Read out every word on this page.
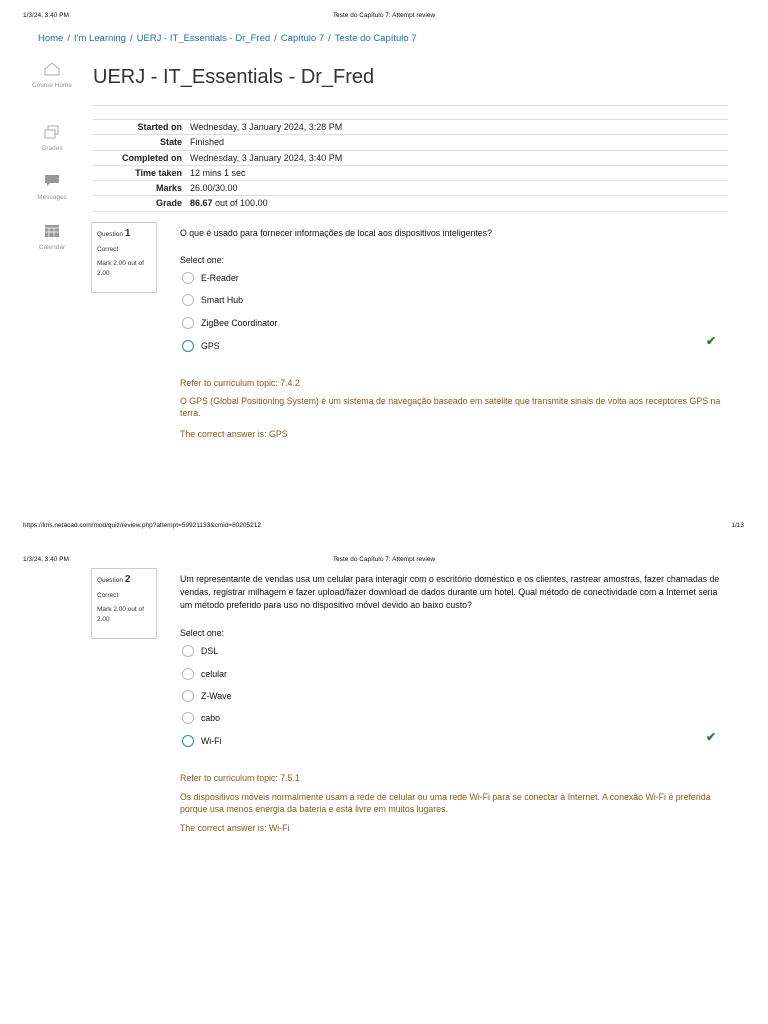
1/3/24, 3:40 PM	Teste do Capítulo 7: Attempt review
Home / I'm Learning / UERJ - IT_Essentials - Dr_Fred / Capítulo 7 / Teste do Capítulo 7
Course Home
Grades
Messages
Calendar
UERJ - IT_Essentials - Dr_Fred
Started on	Wednesday, 3 January 2024, 3:28 PM
State	Finished
Completed on	Wednesday, 3 January 2024, 3:40 PM
Time taken	12 mins 1 sec
Marks	26.00/30.00
Grade	86.67 out of 100.00
Question 1
Correct
Mark 2.00 out of 2.00
O que é usado para fornecer informações de local aos dispositivos inteligentes?
Select one:
E-Reader
Smart Hub
ZigBee Coordinator
GPS	✔
Refer to curriculum topic: 7.4.2
O GPS (Global Positioning System) é um sistema de navegação baseado em satélite que transmite sinais de volta aos receptores GPS na terra.
The correct answer is: GPS
https://lms.netacad.com/mod/quiz/review.php?attempt=59921133&cmid=80205212	1/13
1/3/24, 3:40 PM	Teste do Capítulo 7: Attempt review
Question 2
Correct
Mark 2.00 out of 2.00
Um representante de vendas usa um celular para interagir com o escritório doméstico e os clientes, rastrear amostras, fazer chamadas de vendas, registrar milhagem e fazer upload/fazer download de dados durante um hotel. Qual método de conectividade com a Internet seria um método preferido para uso no dispositivo móvel devido ao baixo custo?
Select one:
DSL
celular
Z-Wave
cabo
Wi-Fi	✔
Refer to curriculum topic: 7.5.1
Os dispositivos móveis normalmente usam a rede de celular ou uma rede Wi-Fi para se conectar à Internet. A conexão Wi-Fi é preferida porque usa menos energia da bateria e está livre em muitos lugares.
The correct answer is: Wi-Fi
